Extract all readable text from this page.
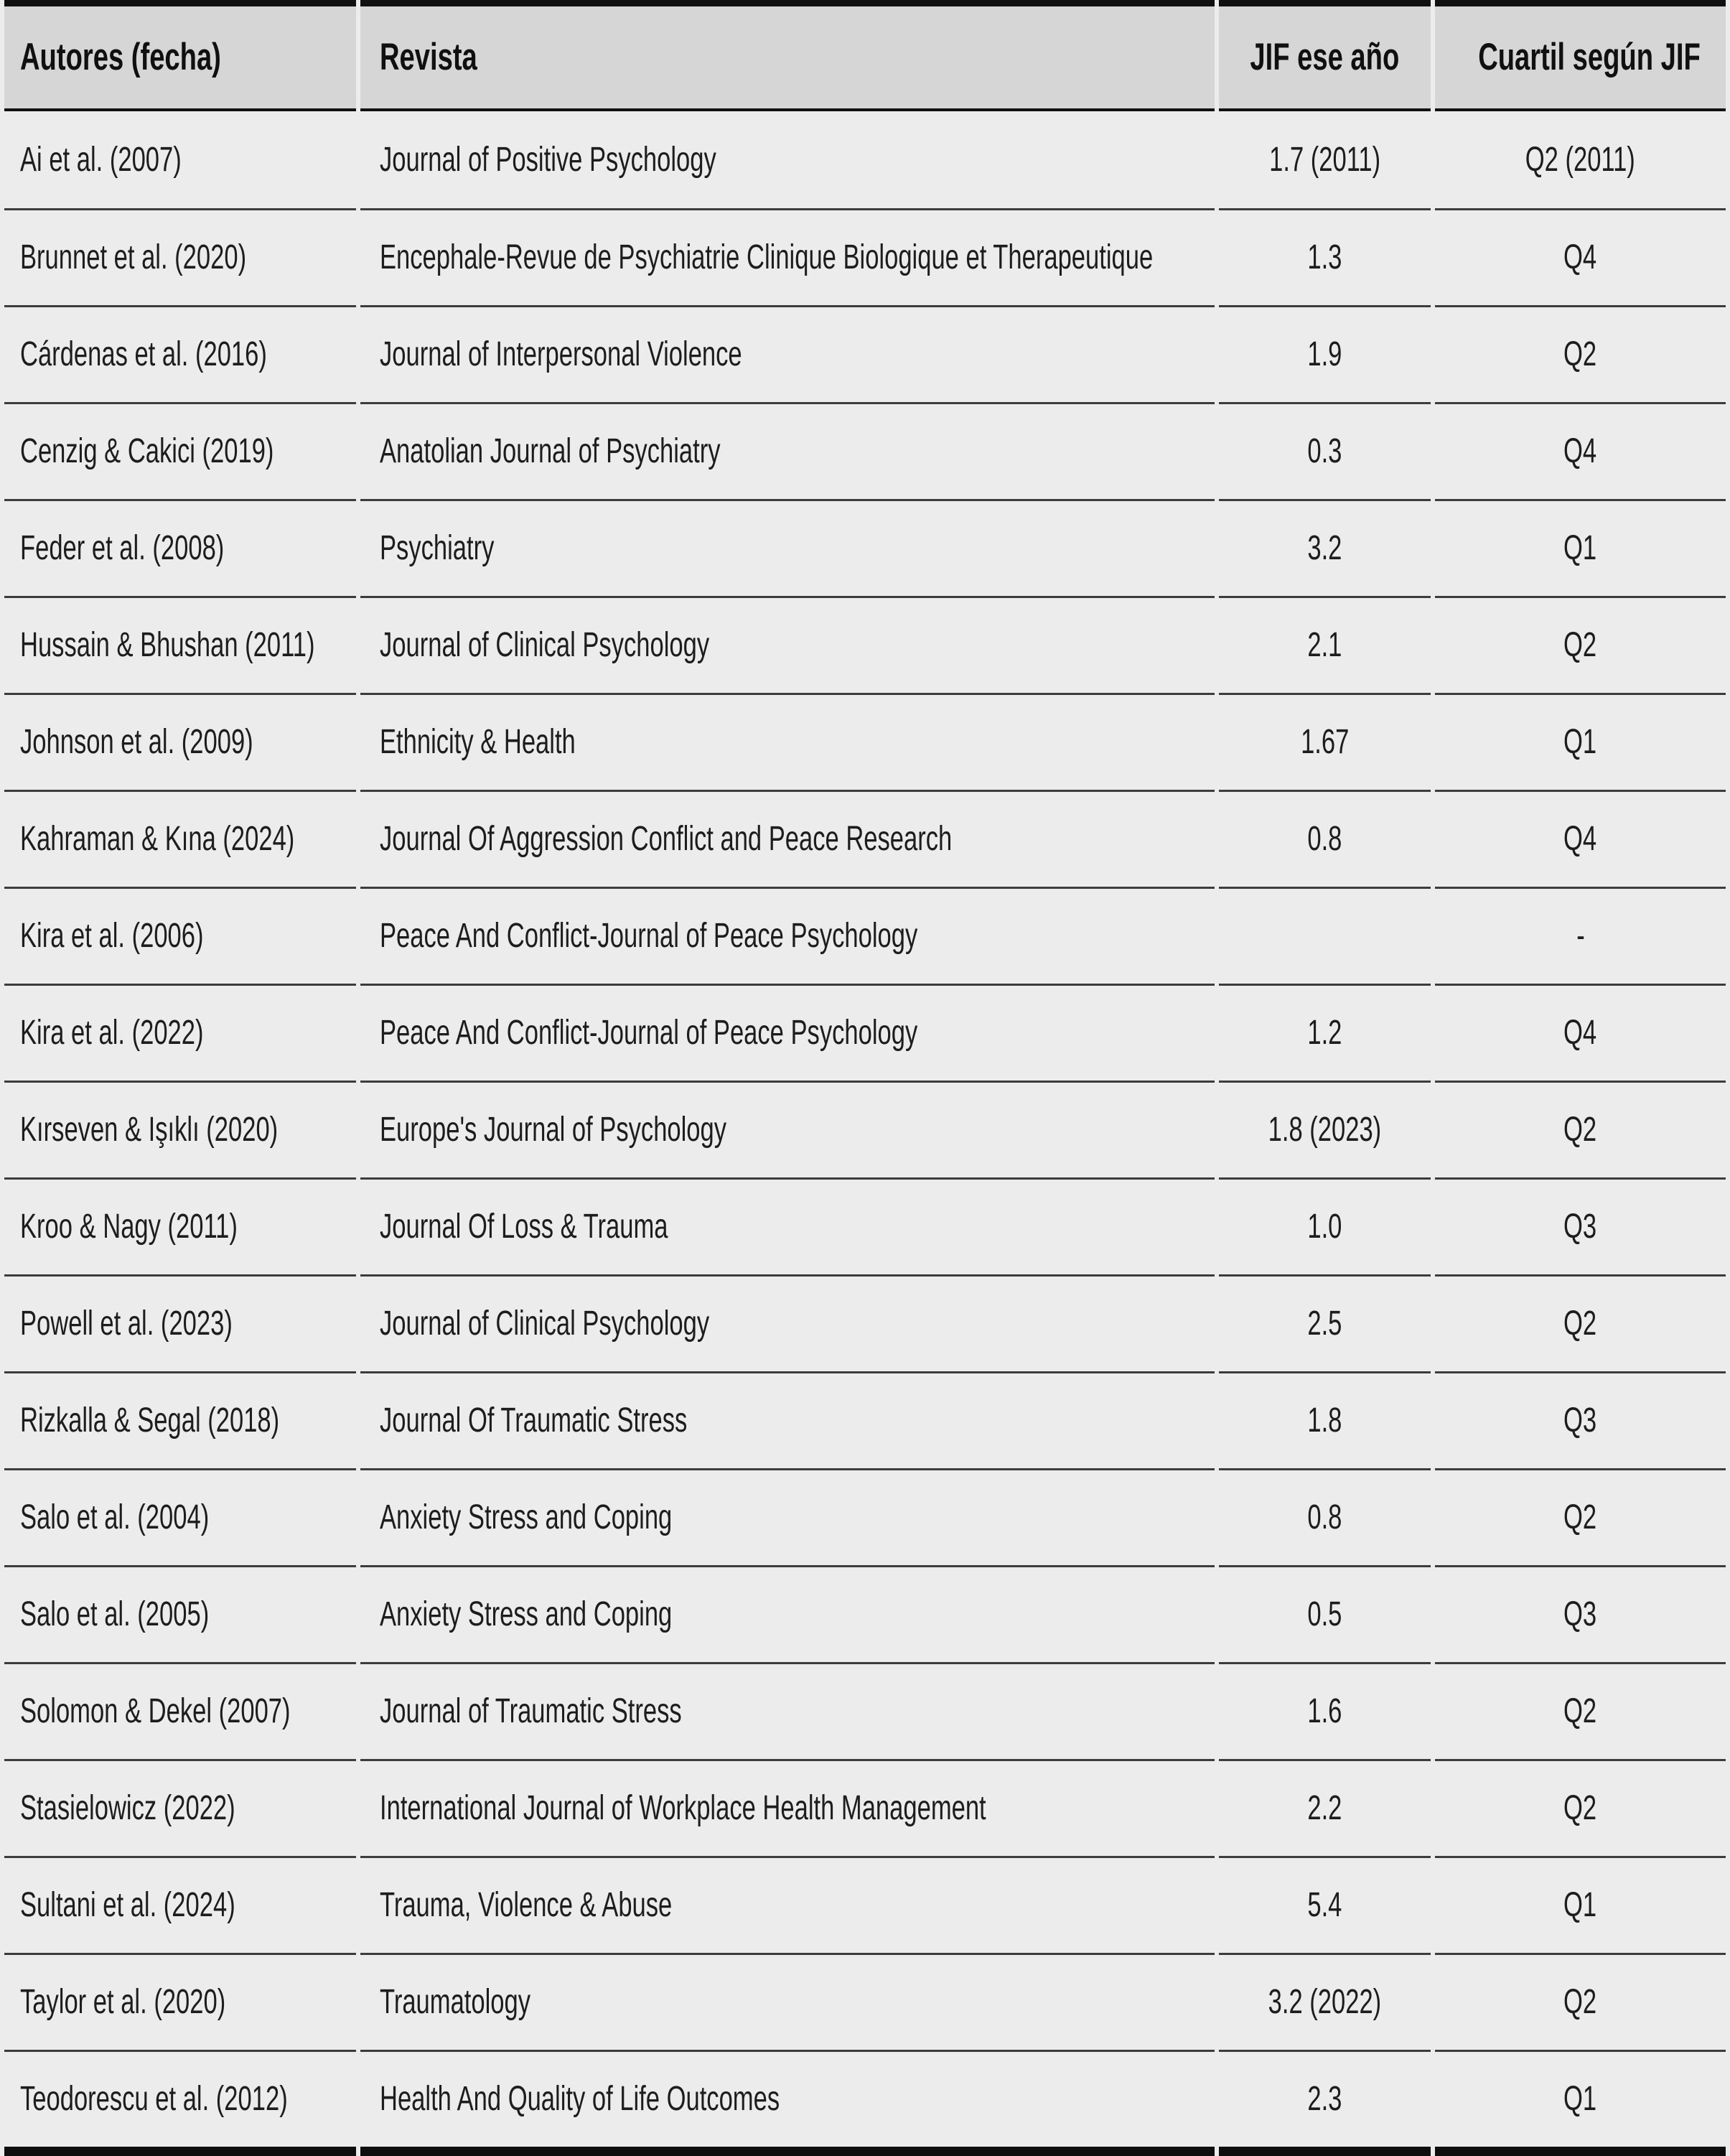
Autores (fecha)	Revista	JIF ese año	Cuartil según JIF
Ai et al. (2007)	Journal of Positive Psychology	1.7 (2011)	Q2 (2011)
Brunnet et al. (2020)	Encephale-Revue de Psychiatrie Clinique Biologique et Therapeutique	1.3	Q4
Cárdenas et al. (2016)	Journal of Interpersonal Violence	1.9	Q2
Cenzig & Cakici (2019)	Anatolian Journal of Psychiatry	0.3	Q4
Feder et al. (2008)	Psychiatry	3.2	Q1
Hussain & Bhushan (2011)	Journal of Clinical Psychology	2.1	Q2
Johnson et al. (2009)	Ethnicity & Health	1.67	Q1
Kahraman & Kına (2024)	Journal Of Aggression Conflict and Peace Research	0.8	Q4
Kira et al. (2006)	Peace And Conflict-Journal of Peace Psychology		-
Kira et al. (2022)	Peace And Conflict-Journal of Peace Psychology	1.2	Q4
Kırseven & Işıklı (2020)	Europe's Journal of Psychology	1.8 (2023)	Q2
Kroo & Nagy (2011)	Journal Of Loss & Trauma	1.0	Q3
Powell et al. (2023)	Journal of Clinical Psychology	2.5	Q2
Rizkalla & Segal (2018)	Journal Of Traumatic Stress	1.8	Q3
Salo et al. (2004)	Anxiety Stress and Coping	0.8	Q2
Salo et al. (2005)	Anxiety Stress and Coping	0.5	Q3
Solomon & Dekel (2007)	Journal of Traumatic Stress	1.6	Q2
Stasielowicz (2022)	International Journal of Workplace Health Management	2.2	Q2
Sultani et al. (2024)	Trauma, Violence & Abuse	5.4	Q1
Taylor et al. (2020)	Traumatology	3.2 (2022)	Q2
Teodorescu et al. (2012)	Health And Quality of Life Outcomes	2.3	Q1
